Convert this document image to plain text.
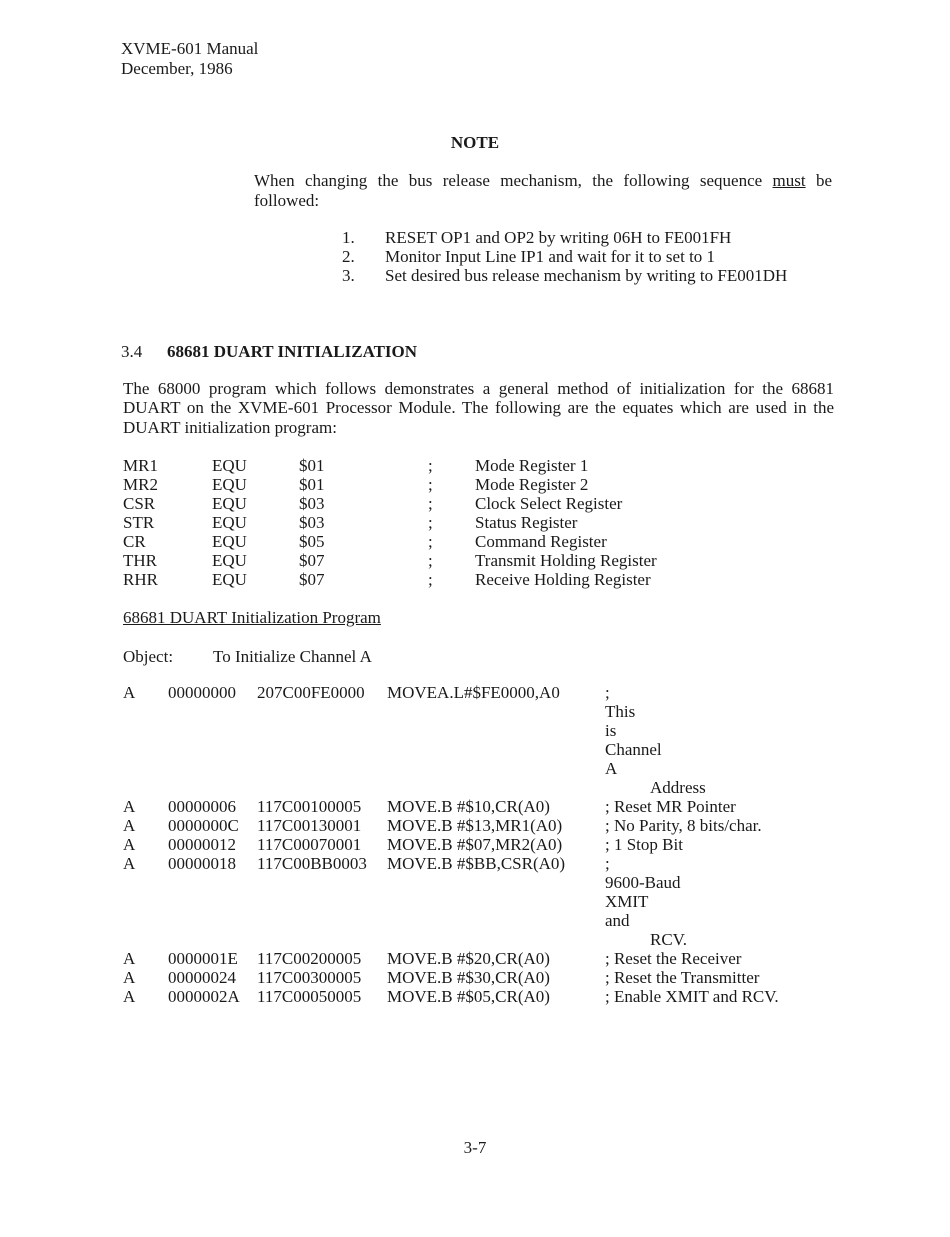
XVME-601 Manual
December, 1986
NOTE
When changing the bus release mechanism, the following sequence must be followed:
1.	RESET OP1 and OP2 by writing 06H to FE001FH
2.	Monitor Input Line IP1 and wait for it to set to 1
3.	Set desired bus release mechanism by writing to FE001DH
3.4 68681 DUART INITIALIZATION
The 68000 program which follows demonstrates a general method of initialization for the 68681 DUART on the XVME-601 Processor Module. The following are the equates which are used in the DUART initialization program:
MR1	EQU	$01	;	Mode Register 1
MR2	EQU	$01	;	Mode Register 2
CSR	EQU	$03	;	Clock Select Register
STR	EQU	$03	;	Status Register
CR	EQU	$05	;	Command Register
THR	EQU	$07	;	Transmit Holding Register
RHR	EQU	$07	;	Receive Holding Register
68681 DUART Initialization Program
Object: To Initialize Channel A
A	00000000	207C00FE0000	MOVEA.L#$FE0000,A0	;
This
is
Channel
A
Address
A	00000006	117C00100005	MOVE.B #$10,CR(A0)	; Reset MR Pointer
A	0000000C	117C00130001	MOVE.B #$13,MR1(A0)	; No Parity, 8 bits/char.
A	00000012	117C00070001	MOVE.B #$07,MR2(A0)	; 1 Stop Bit
A	00000018	117C00BB0003	MOVE.B #$BB,CSR(A0)	;
9600-Baud
XMIT
and
RCV.
A	0000001E	117C00200005	MOVE.B #$20,CR(A0)	; Reset the Receiver
A	00000024	117C00300005	MOVE.B #$30,CR(A0)	; Reset the Transmitter
A	0000002A	117C00050005	MOVE.B #$05,CR(A0)	; Enable XMIT and RCV.
3-7
